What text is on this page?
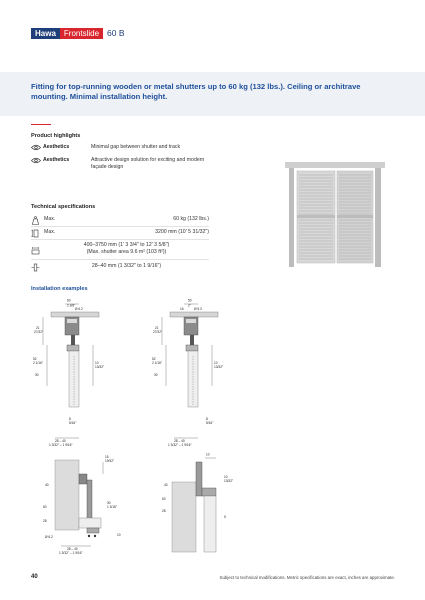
Hawa	Frontslide 60 B
Fitting for top-running wooden or metal shutters up to 60 kg (132 lbs.). Ceiling or architrave mounting. Minimal installation height.
Product highlights
Aesthetics	Minimal gap between shutter and track
Aesthetics	Attractive design solution for exciting and modern façade design
Technical specifications
Max.	60 kg (132 lbs.)
Max.	3200 mm (10' 5 31/32")
400–3750 mm (1' 3 3/4" to 12' 3 5/8")
(Max. shutter area 9.6 m² (103 ft²))
28–40 mm (1 3/32" to 1 9/16")
Installation examples
60
2 3/8"
Ø 6.2
21
27/32"
52
2 1/16"
30
10
13/32"
8
5/16"
28 – 40
1 3/32" – 1 9/16"
50
2"
16	Ø 5.3
21
27/32"
52
2 1/16"
30
10
13/32"
8
5/16"
28 – 40
1 3/32" – 1 9/16"
15
19/32"
40
60
28
30
1 3/16"
Ø 6.2	10
28 – 40
1 3/32" – 1 9/16"
10
40
60
28
10
13/32"
5
40	Subject to technical modifications. Metric specifications are exact, inches are approximate.
